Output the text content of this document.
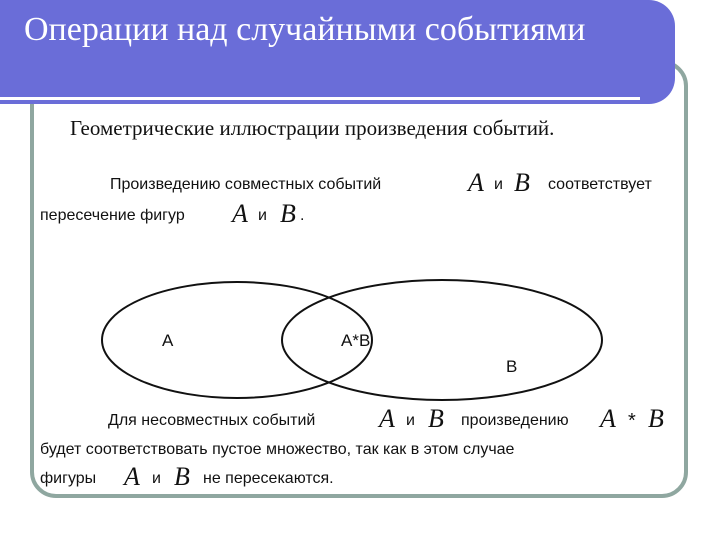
Операции над случайными событиями
Геометрические иллюстрации произведения событий.
Произведению совместных событий	A и B соответствует
пересечение фигур A и B .
A	A*B
B
Для несовместных событий A и B произведению A * B
будет соответствовать пустое множество, так как в этом случае
фигуры A и B не пересекаются.
